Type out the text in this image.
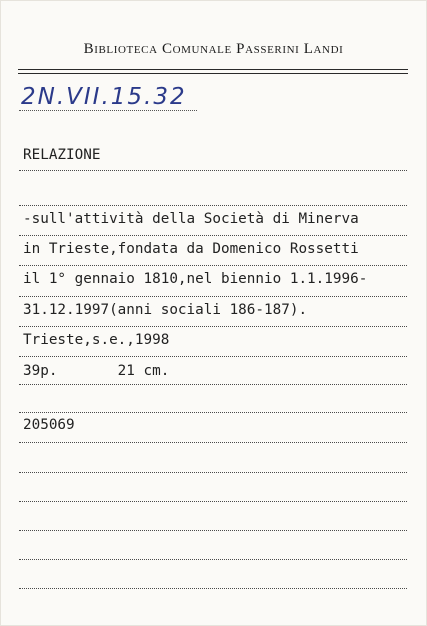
Biblioteca Comunale Passerini Landi
2N.VII.15.32
RELAZIONE
-sull'attività della Società di Minerva
in Trieste,fondata da Domenico Rossetti
il 1° gennaio 1810,nel biennio 1.1.1996-
31.12.1997(anni sociali 186-187).
Trieste,s.e.,1998
39p.       21 cm.
205069
